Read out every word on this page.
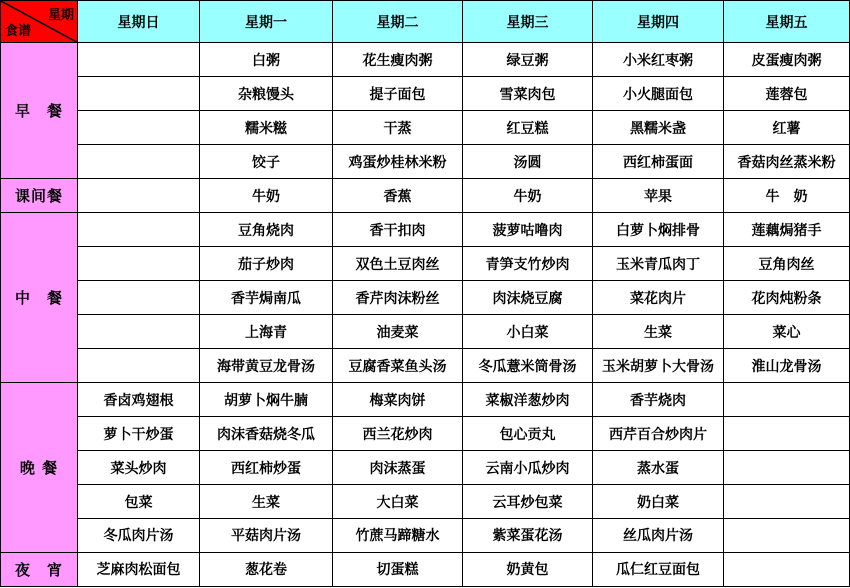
星期
食谱	星期日	星期一	星期二	星期三	星期四	星期五
早　餐		白粥	花生瘦肉粥	绿豆粥	小米红枣粥	皮蛋瘦肉粥
		杂粮馒头	提子面包	雪菜肉包	小火腿面包	莲蓉包
		糯米糍	干蒸	红豆糕	黑糯米盏	红薯
		饺子	鸡蛋炒桂林米粉	汤圆	西红柿蛋面	香菇肉丝蒸米粉
课间餐		牛奶	香蕉	牛奶	苹果	牛　奶
中　餐		豆角烧肉	香干扣肉	菠萝咕噜肉	白萝卜焖排骨	莲藕焗猪手
		茄子炒肉	双色土豆肉丝	青笋支竹炒肉	玉米青瓜肉丁	豆角肉丝
		香芋焗南瓜	香芹肉沫粉丝	肉沫烧豆腐	菜花肉片	花肉炖粉条
		上海青	油麦菜	小白菜	生菜	菜心
		海带黄豆龙骨汤	豆腐香菜鱼头汤	冬瓜薏米筒骨汤	玉米胡萝卜大骨汤	淮山龙骨汤
晚 餐	香卤鸡翅根	胡萝卜焖牛腩	梅菜肉饼	菜椒洋葱炒肉	香芋烧肉	
	萝卜干炒蛋	肉沫香菇烧冬瓜	西兰花炒肉	包心贡丸	西芹百合炒肉片	
	菜头炒肉	西红柿炒蛋	肉沫蒸蛋	云南小瓜炒肉	蒸水蛋	
	包菜	生菜	大白菜	云耳炒包菜	奶白菜	
	冬瓜肉片汤	平菇肉片汤	竹蔗马蹄糖水	紫菜蛋花汤	丝瓜肉片汤	
夜　宵	芝麻肉松面包	葱花卷	切蛋糕	奶黄包	瓜仁红豆面包	
